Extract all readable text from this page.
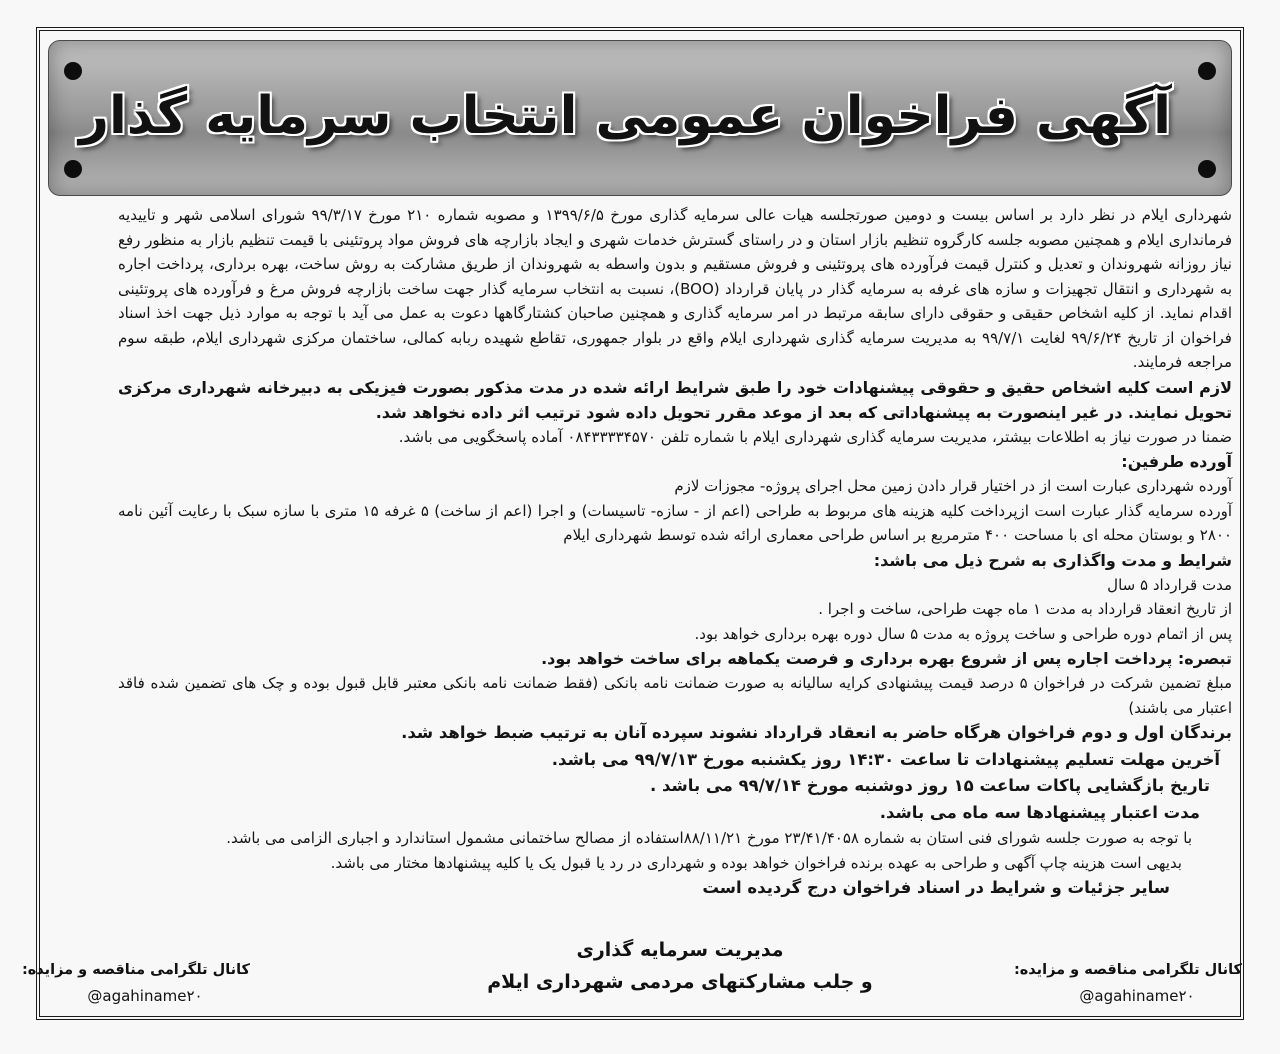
آگهی فراخوان عمومی انتخاب سرمایه گذار

شهرداری ایلام در نظر دارد بر اساس بیست و دومین صورتجلسه هیات عالی سرمایه گذاری مورخ ۱۳۹۹/۶/۵ و مصوبه شماره ۲۱۰ مورخ ۹۹/۳/۱۷ شورای اسلامی شهر و تاییدیه فرمانداری ایلام و همچنین مصوبه جلسه کارگروه تنظیم بازار استان و در راستای گسترش خدمات شهری و ایجاد بازارچه های فروش مواد پروتئینی با قیمت تنظیم بازار به منظور رفع نیاز روزانه شهروندان و تعدیل و کنترل قیمت فرآورده های پروتئینی و فروش مستقیم و بدون واسطه به شهروندان از طریق مشارکت به روش ساخت، بهره برداری، پرداخت اجاره به شهرداری و انتقال تجهیزات و سازه های غرفه به سرمایه گذار در پایان قرارداد (BOO)، نسبت به انتخاب سرمایه گذار جهت ساخت بازارچه فروش مرغ و فرآورده های پروتئینی اقدام نماید. از کلیه اشخاص حقیقی و حقوقی دارای سابقه مرتبط در امر سرمایه گذاری و همچنین صاحبان کشتارگاهها دعوت به عمل می آید با توجه به موارد ذیل جهت اخذ اسناد فراخوان از تاریخ ۹۹/۶/۲۴ لغایت ۹۹/۷/۱ به مدیریت سرمایه گذاری شهرداری ایلام واقع در بلوار جمهوری، تقاطع شهیده ربابه کمالی، ساختمان مرکزی شهرداری ایلام، طبقه سوم مراجعه فرمایند.

لازم است کلیه اشخاص حقیق و حقوقی پیشنهادات خود را طبق شرایط ارائه شده در مدت مذکور بصورت فیزیکی به دبیرخانه شهرداری مرکزی تحویل نمایند. در غیر اینصورت به پیشنهاداتی که بعد از موعد مقرر تحویل داده شود ترتیب اثر داده نخواهد شد.

ضمنا در صورت نیاز به اطلاعات بیشتر، مدیریت سرمایه گذاری شهرداری ایلام با شماره تلفن ۰۸۴۳۳۳۳۴۵۷۰ آماده پاسخگویی می باشد.

آورده طرفین:

آورده شهرداری عبارت است از در اختیار قرار دادن زمین محل اجرای پروژه- مجوزات لازم

آورده سرمایه گذار عبارت است ازپرداخت کلیه هزینه های مربوط به طراحی (اعم از - سازه- تاسیسات) و اجرا (اعم از ساخت) ۵ غرفه ۱۵ متری با سازه سبک با رعایت آئین نامه ۲۸۰۰ و بوستان محله ای با مساحت ۴۰۰ مترمربع بر اساس طراحی معماری ارائه شده توسط شهرداری ایلام

شرایط و مدت واگذاری به شرح ذیل می باشد:

مدت قرارداد ۵ سال

از تاریخ انعقاد قرارداد به مدت ۱ ماه جهت طراحی، ساخت و اجرا .

پس از اتمام دوره طراحی و ساخت پروژه به مدت ۵ سال دوره بهره برداری خواهد بود.

تبصره: پرداخت اجاره پس از شروع بهره برداری و فرصت یکماهه برای ساخت خواهد بود.

مبلغ تضمین شرکت در فراخوان ۵ درصد قیمت پیشنهادی کرایه سالیانه به صورت ضمانت نامه بانکی (فقط ضمانت نامه بانکی معتبر قابل قبول بوده و چک های تضمین شده فاقد اعتبار می باشند)

برندگان اول و دوم فراخوان هرگاه حاضر به انعقاد قرارداد نشوند سپرده آنان به ترتیب ضبط خواهد شد.

آخرین مهلت تسلیم پیشنهادات تا ساعت ۱۴:۳۰ روز یکشنبه مورخ ۹۹/۷/۱۳ می باشد.

تاریخ بازگشایی پاکات ساعت ۱۵ روز دوشنبه مورخ ۹۹/۷/۱۴ می باشد .

مدت اعتبار پیشنهادها سه ماه می باشد.

با توجه به صورت جلسه شورای فنی استان به شماره ۲۳/۴۱/۴۰۵۸ مورخ ۸۸/۱۱/۲۱استفاده از مصالح ساختمانی مشمول استاندارد و اجباری الزامی می باشد.

بدیهی است هزینه چاپ آگهی و طراحی به عهده برنده فراخوان خواهد بوده و شهرداری در رد یا قبول یک یا کلیه پیشنهادها مختار می باشد.

سایر جزئیات و شرایط در اسناد فراخوان درج گردیده است

مدیریت سرمایه گذاری
و جلب مشارکتهای مردمی شهرداری ایلام
کانال تلگرامی مناقصه و مزایده:
@agahiname۲۰
کانال تلگرامی مناقصه و مزایده:
@agahiname۲۰
